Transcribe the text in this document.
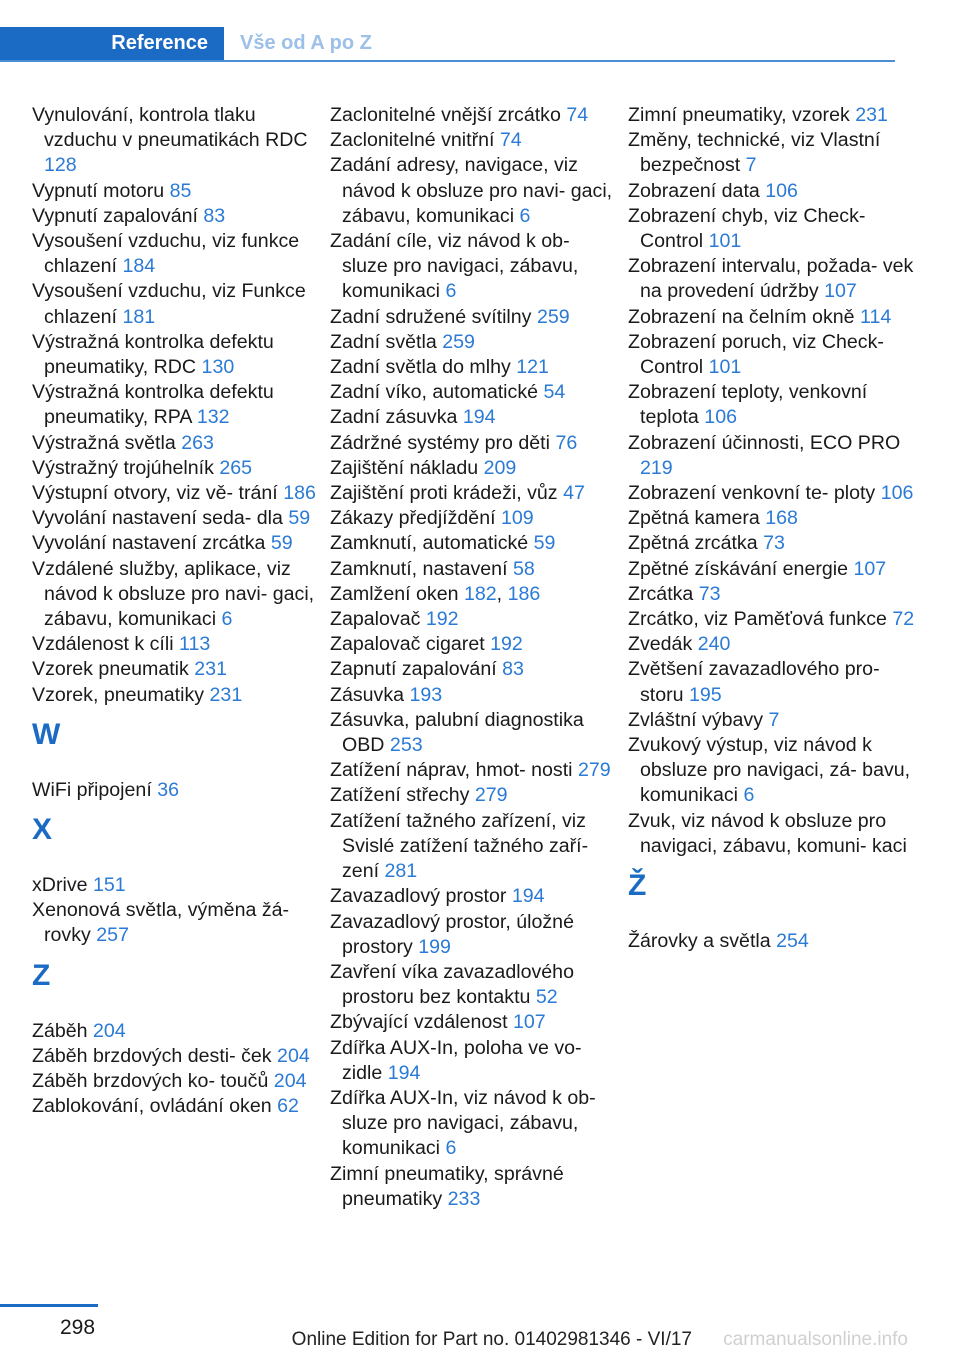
Reference Vše od A po Z
Vynulování, kontrola tlaku vzduchu v pneumatikách RDC 128
Vypnutí motoru 85
Vypnutí zapalování 83
Vysoušení vzduchu, viz funkce chlazení 184
Vysoušení vzduchu, viz Funkce chlazení 181
Výstražná kontrolka defektu pneumatiky, RDC 130
Výstražná kontrolka defektu pneumatiky, RPA 132
Výstražná světla 263
Výstražný trojúhelník 265
Výstupní otvory, viz vě- trání 186
Vyvolání nastavení seda- dla 59
Vyvolání nastavení zrcátka 59
Vzdálené služby, aplikace, viz návod k obsluze pro navi- gaci, zábavu, komunikaci 6
Vzdálenost k cíli 113
Vzorek pneumatik 231
Vzorek, pneumatiky 231
W
WiFi připojení 36
X
xDrive 151
Xenonová světla, výměna žá- rovky 257
Z
Záběh 204
Záběh brzdových desti- ček 204
Záběh brzdových ko- toučů 204
Zablokování, ovládání oken 62
Zaclonitelné vnější zrcátko 74
Zaclonitelné vnitřní 74
Zadání adresy, navigace, viz návod k obsluze pro navi- gaci, zábavu, komunikaci 6
Zadání cíle, viz návod k ob- sluze pro navigaci, zábavu, komunikaci 6
Zadní sdružené svítilny 259
Zadní světla 259
Zadní světla do mlhy 121
Zadní víko, automatické 54
Zadní zásuvka 194
Zádržné systémy pro děti 76
Zajištění nákladu 209
Zajištění proti krádeži, vůz 47
Zákazy předjíždění 109
Zamknutí, automatické 59
Zamknutí, nastavení 58
Zamlžení oken 182, 186
Zapalovač 192
Zapalovač cigaret 192
Zapnutí zapalování 83
Zásuvka 193
Zásuvka, palubní diagnostika OBD 253
Zatížení náprav, hmot- nosti 279
Zatížení střechy 279
Zatížení tažného zařízení, viz Svislé zatížení tažného zaří- zení 281
Zavazadlový prostor 194
Zavazadlový prostor, úložné prostory 199
Zavření víka zavazadlového prostoru bez kontaktu 52
Zbývající vzdálenost 107
Zdířka AUX-In, poloha ve vo- zidle 194
Zdířka AUX-In, viz návod k ob- sluze pro navigaci, zábavu, komunikaci 6
Zimní pneumatiky, správné pneumatiky 233
Zimní pneumatiky, vzorek 231
Změny, technické, viz Vlastní bezpečnost 7
Zobrazení data 106
Zobrazení chyb, viz Check- Control 101
Zobrazení intervalu, požada- vek na provedení údržby 107
Zobrazení na čelním okně 114
Zobrazení poruch, viz Check- Control 101
Zobrazení teploty, venkovní teplota 106
Zobrazení účinnosti, ECO PRO 219
Zobrazení venkovní te- ploty 106
Zpětná kamera 168
Zpětná zrcátka 73
Zpětné získávání energie 107
Zrcátka 73
Zrcátko, viz Paměťová funkce 72
Zvedák 240
Zvětšení zavazadlového pro- storu 195
Zvláštní výbavy 7
Zvukový výstup, viz návod k obsluze pro navigaci, zá- bavu, komunikaci 6
Zvuk, viz návod k obsluze pro navigaci, zábavu, komuni- kaci
Ž
Žárovky a světla 254
298
Online Edition for Part no. 01402981346 - VI/17 carmanualsonline.info
